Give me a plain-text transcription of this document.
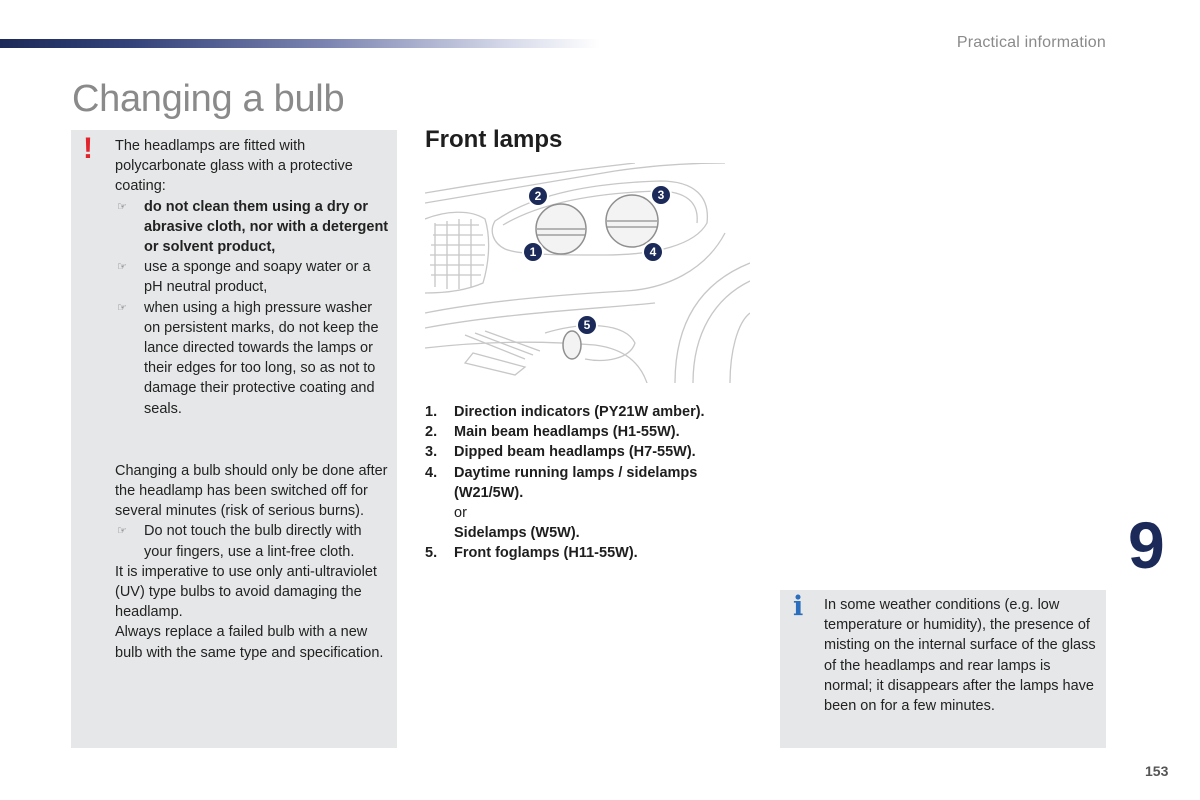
Practical information
Changing a bulb
! The headlamps are fitted with polycarbonate glass with a protective coating:

☞ do not clean them using a dry or abrasive cloth, nor with a detergent or solvent product,
☞ use a sponge and soapy water or a pH neutral product,
☞ when using a high pressure washer on persistent marks, do not keep the lance directed towards the lamps or their edges for too long, so as not to damage their protective coating and seals.

Changing a bulb should only be done after the headlamp has been switched off for several minutes (risk of serious burns).

☞ Do not touch the bulb directly with your fingers, use a lint-free cloth.

It is imperative to use only anti-ultraviolet (UV) type bulbs to avoid damaging the headlamp.

Always replace a failed bulb with a new bulb with the same type and specification.

Front lamps
2	3
1	4
5
1. Direction indicators (PY21W amber).
2. Main beam headlamps (H1-55W).
3. Dipped beam headlamps (H7-55W).
4. Daytime running lamps / sidelamps (W21/5W).
or
Sidelamps (W5W).
5. Front foglamps (H11-55W).	9
i In some weather conditions (e.g. low temperature or humidity), the presence of misting on the internal surface of the glass of the headlamps and rear lamps is normal; it disappears after the lamps have been on for a few minutes.

153
